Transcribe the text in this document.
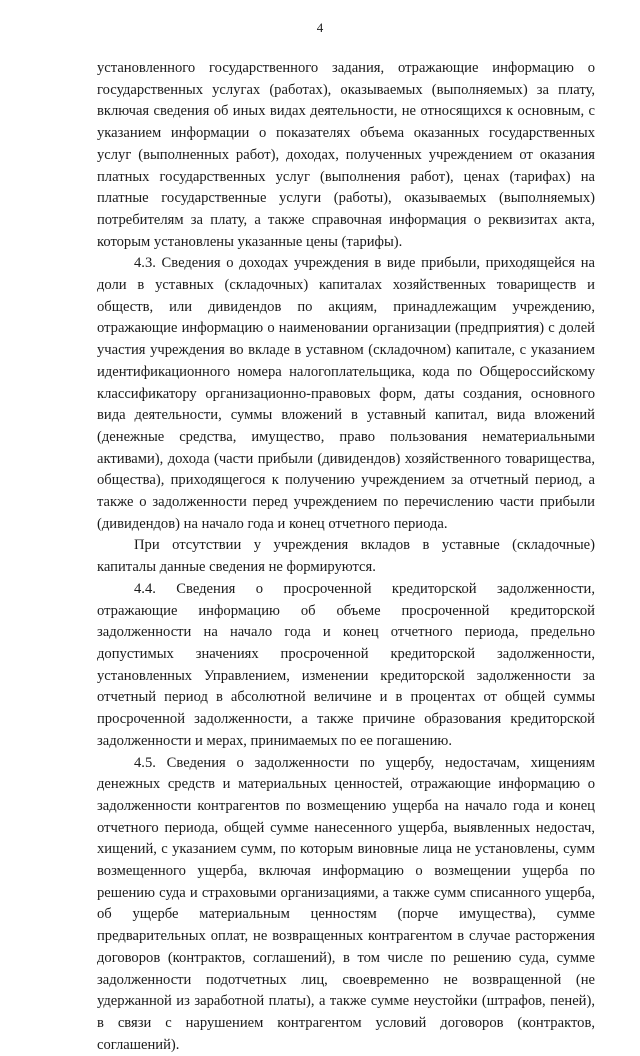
4

установленного государственного задания, отражающие информацию о государственных услугах (работах), оказываемых (выполняемых) за плату, включая сведения об иных видах деятельности, не относящихся к основным, с указанием информации о показателях объема оказанных государственных услуг (выполненных работ), доходах, полученных учреждением от оказания платных государственных услуг (выполнения работ), ценах (тарифах) на платные государственные услуги (работы), оказываемых (выполняемых) потребителям за плату, а также справочная информация о реквизитах акта, которым установлены указанные цены (тарифы).

4.3. Сведения о доходах учреждения в виде прибыли, приходящейся на доли в уставных (складочных) капиталах хозяйственных товариществ и обществ, или дивидендов по акциям, принадлежащим учреждению, отражающие информацию о наименовании организации (предприятия) с долей участия учреждения во вкладе в уставном (складочном) капитале, с указанием идентификационного номера налогоплательщика, кода по Общероссийскому классификатору организационно-правовых форм, даты создания, основного вида деятельности, суммы вложений в уставный капитал, вида вложений (денежные средства, имущество, право пользования нематериальными активами), дохода (части прибыли (дивидендов) хозяйственного товарищества, общества), приходящегося к получению учреждением за отчетный период, а также о задолженности перед учреждением по перечислению части прибыли (дивидендов) на начало года и конец отчетного периода.

При отсутствии у учреждения вкладов в уставные (складочные) капиталы данные сведения не формируются.

4.4. Сведения о просроченной кредиторской задолженности, отражающие информацию об объеме просроченной кредиторской задолженности на начало года и конец отчетного периода, предельно допустимых значениях просроченной кредиторской задолженности, установленных Управлением, изменении кредиторской задолженности за отчетный период в абсолютной величине и в процентах от общей суммы просроченной задолженности, а также причине образования кредиторской задолженности и мерах, принимаемых по ее погашению.

4.5. Сведения о задолженности по ущербу, недостачам, хищениям денежных средств и материальных ценностей, отражающие информацию о задолженности контрагентов по возмещению ущерба на начало года и конец отчетного периода, общей сумме нанесенного ущерба, выявленных недостач, хищений, с указанием сумм, по которым виновные лица не установлены, сумм возмещенного ущерба, включая информацию о возмещении ущерба по решению суда и страховыми организациями, а также сумм списанного ущерба, об ущербе материальным ценностям (порче имущества), сумме предварительных оплат, не возвращенных контрагентом в случае расторжения договоров (контрактов, соглашений), в том числе по решению суда, сумме задолженности подотчетных лиц, своевременно не возвращенной (не удержанной из заработной платы), а также сумме неустойки (штрафов, пеней), в связи с нарушением контрагентом условий договоров (контрактов, соглашений).
